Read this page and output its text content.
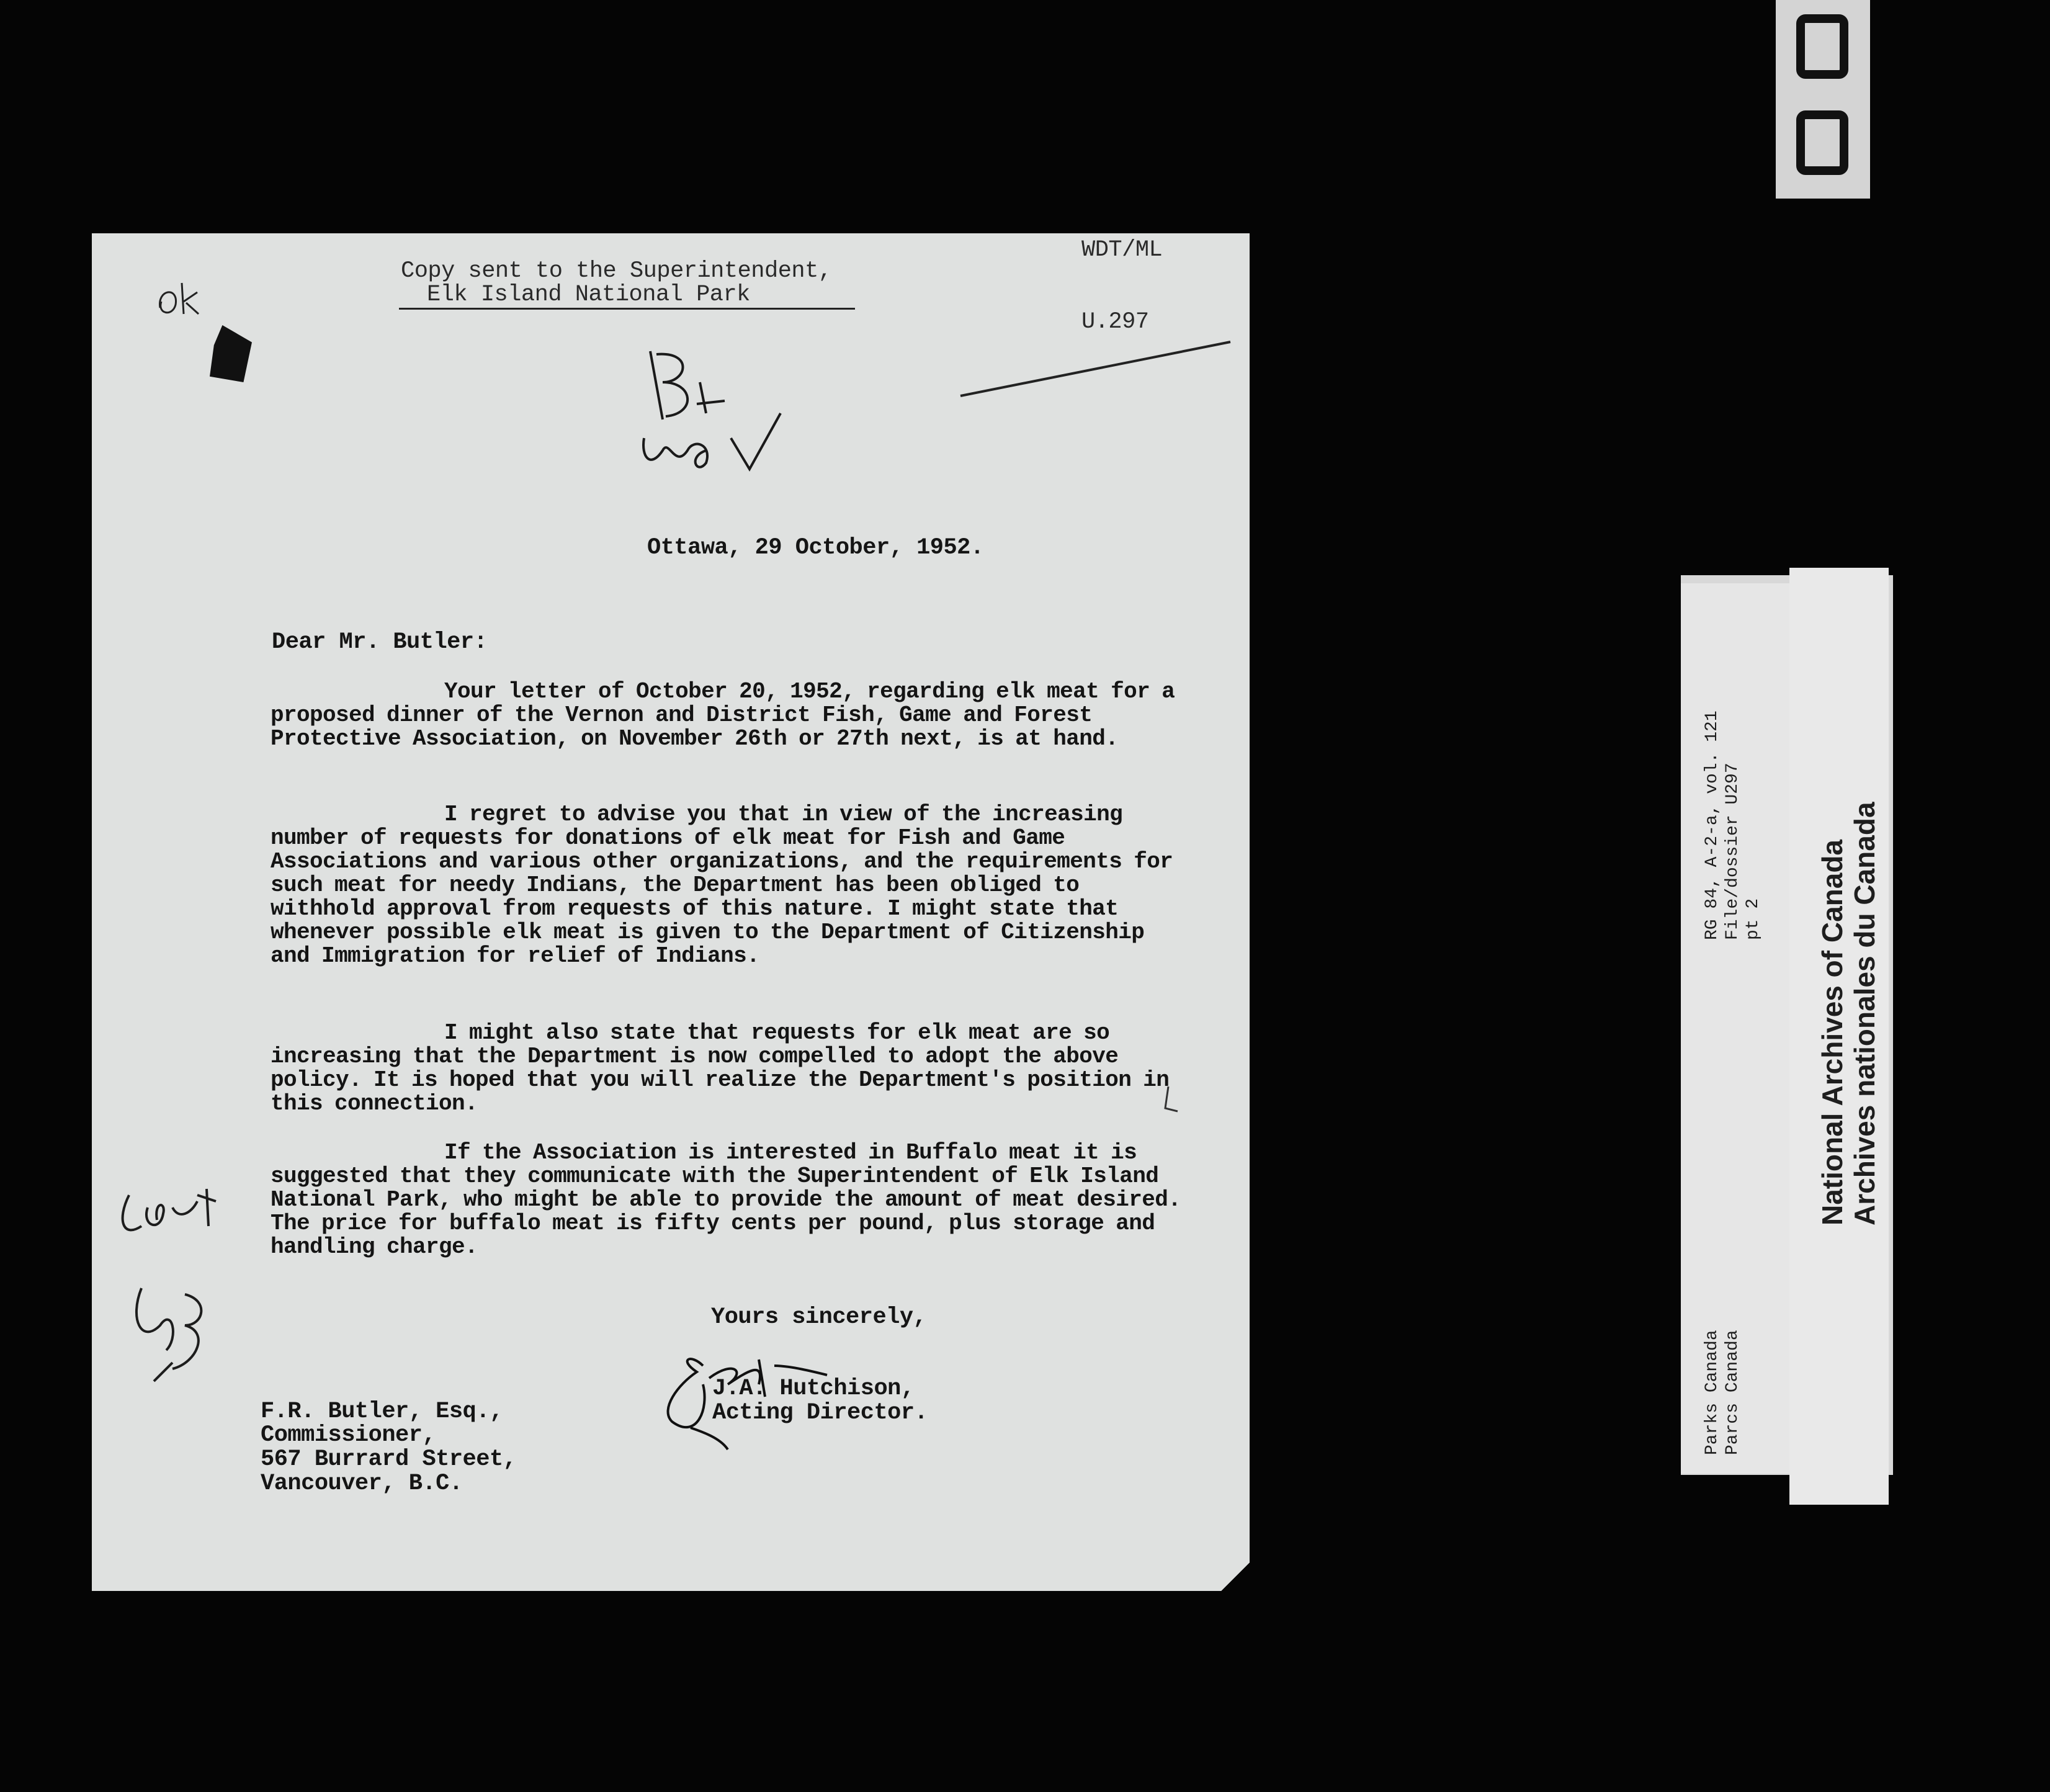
Copy sent to the Superintendent,
Elk Island National Park
WDT/ML
U.297
Ottawa, 29 October, 1952.
Dear Mr. Butler:
Your letter of October 20, 1952, regarding elk meat for a proposed dinner of the Vernon and District Fish, Game and Forest Protective Association, on November 26th or 27th next, is at hand.
I regret to advise you that in view of the increasing number of requests for donations of elk meat for Fish and Game Associations and various other organizations, and the requirements for such meat for needy Indians, the Department has been obliged to withhold approval from requests of this nature. I might state that whenever possible elk meat is given to the Department of Citizenship and Immigration for relief of Indians.
I might also state that requests for elk meat are so increasing that the Department is now compelled to adopt the above policy. It is hoped that you will realize the Department's position in this connection.
If the Association is interested in Buffalo meat it is suggested that they communicate with the Superintendent of Elk Island National Park, who might be able to provide the amount of meat desired. The price for buffalo meat is fifty cents per pound, plus storage and handling charge.
Yours sincerely,
J.A. Hutchison,
Acting Director.
F.R. Butler, Esq.,
Commissioner,
567 Burrard Street,
Vancouver, B.C.
RG 84, A-2-a, vol. 121 File/dossier U297 pt 2
Parks Canada Parcs Canada
National Archives of Canada Archives nationales du Canada
